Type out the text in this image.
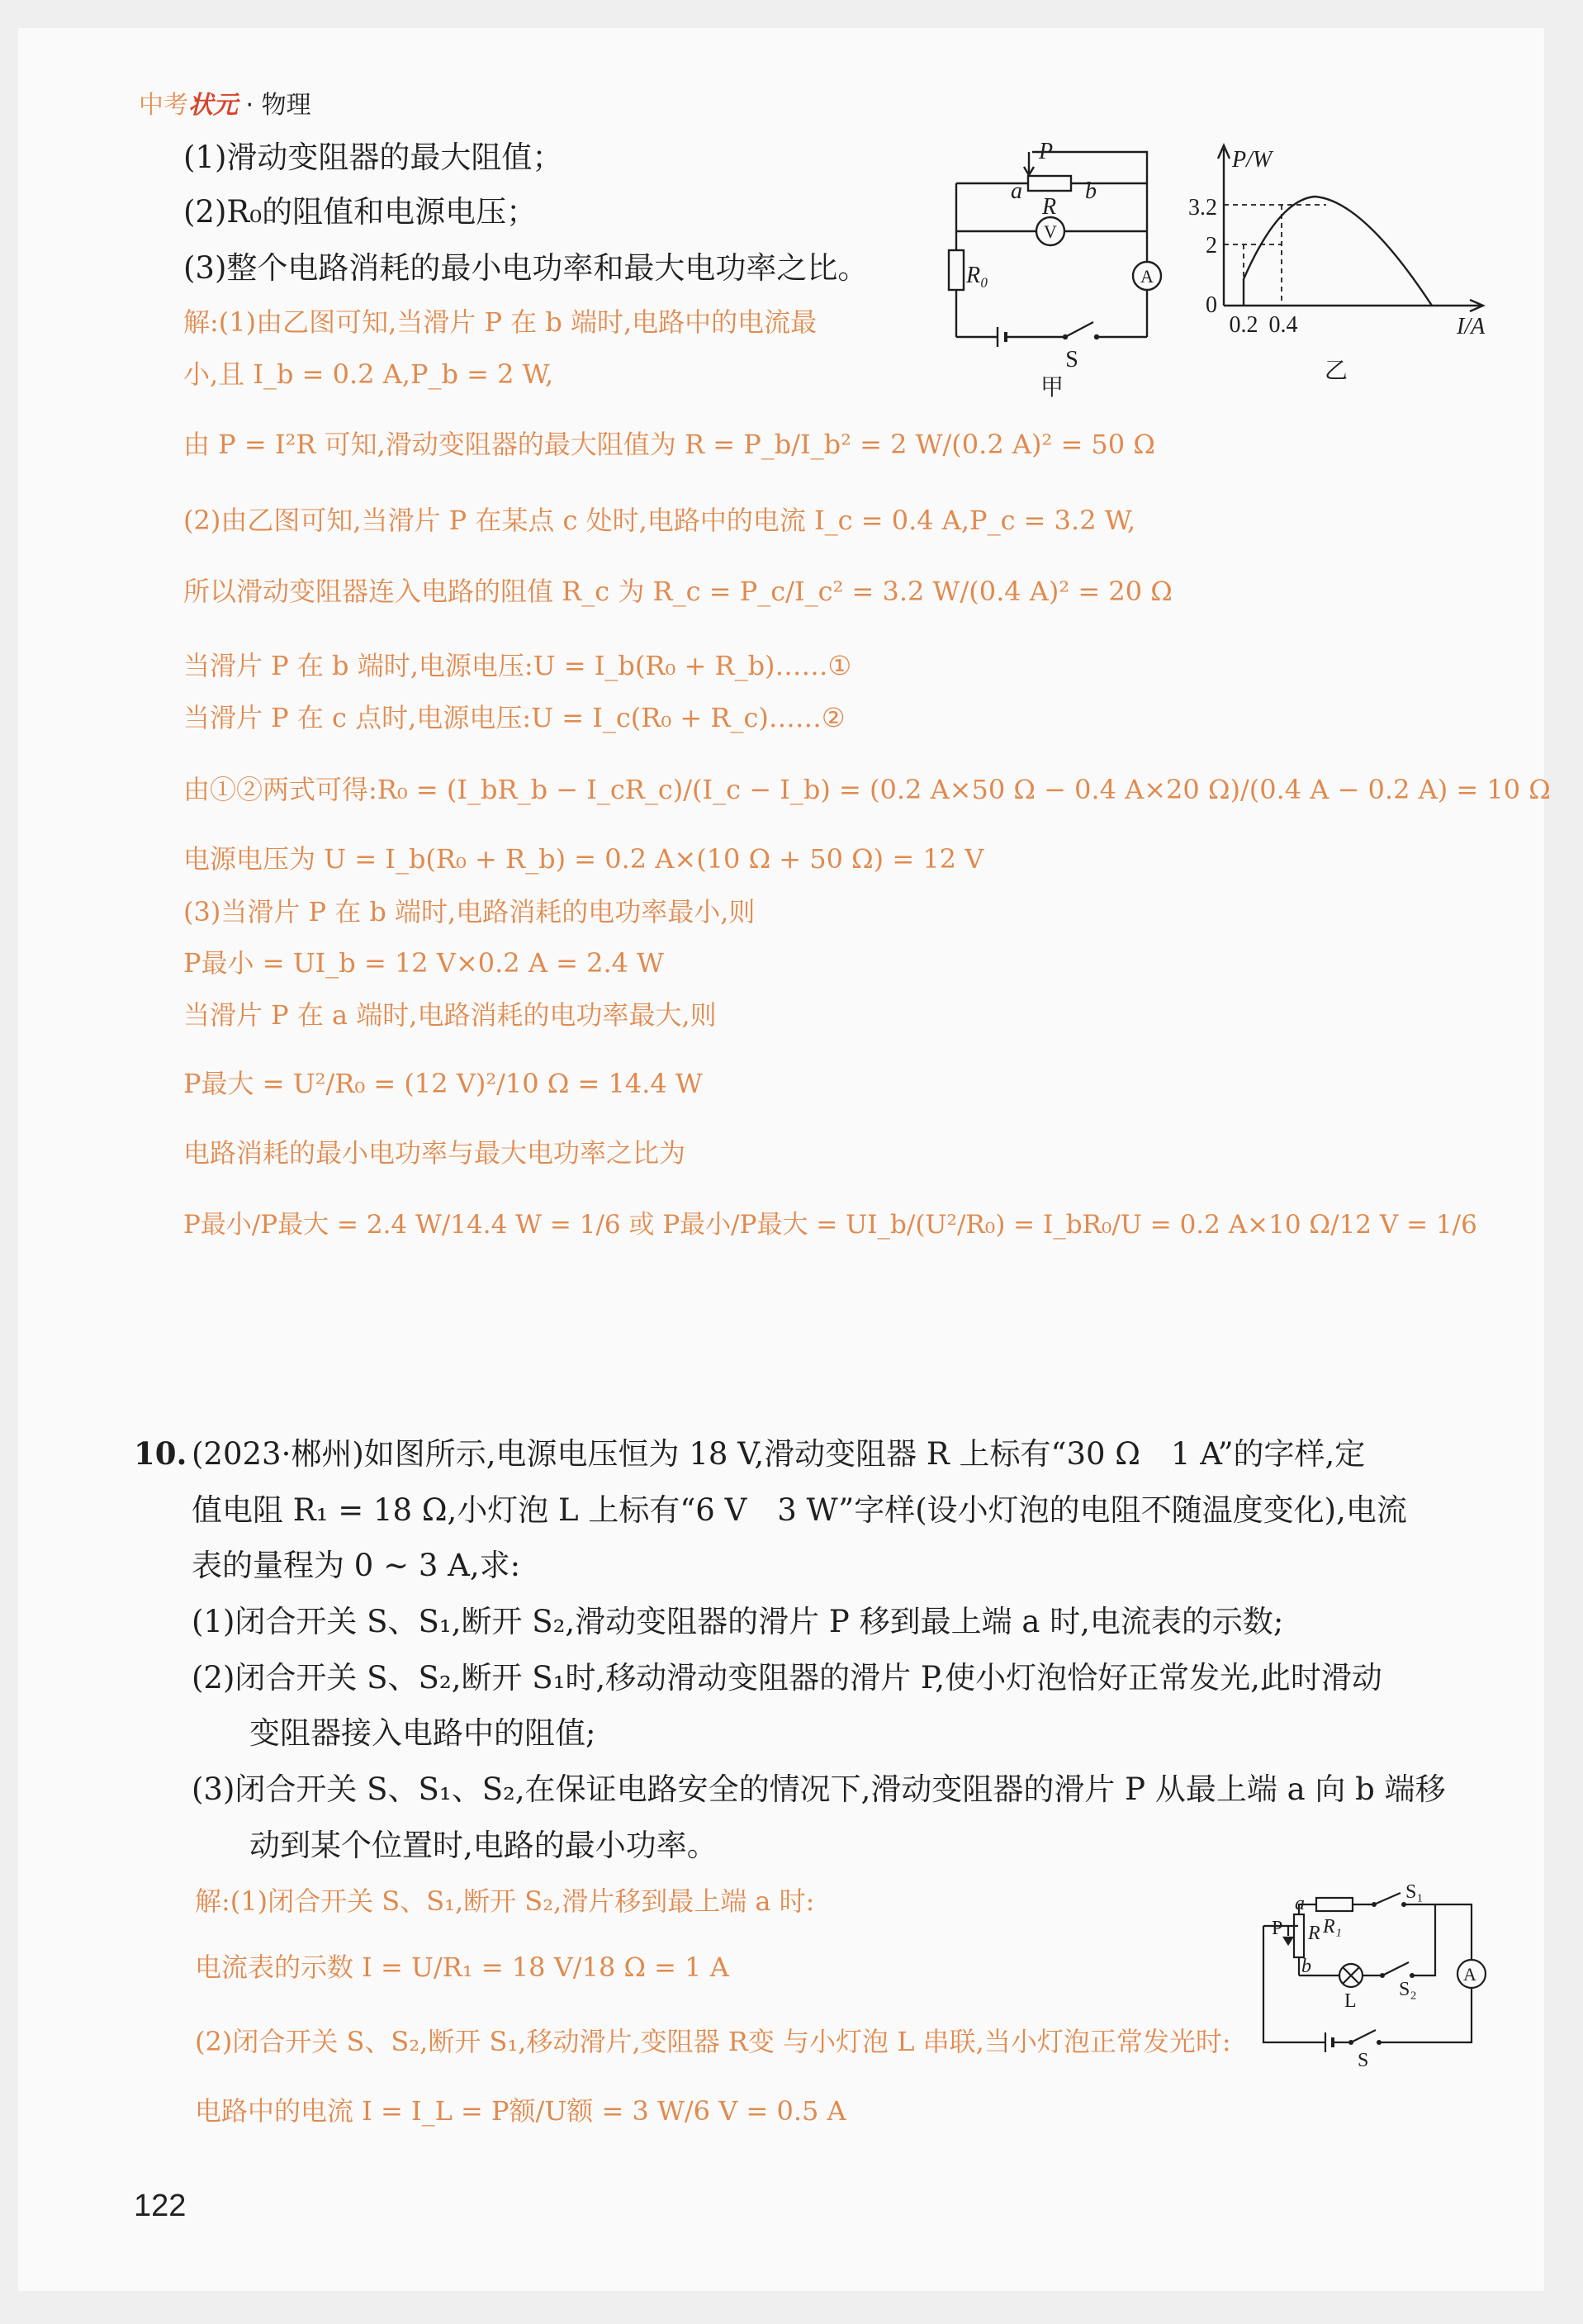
中考状元 · 物理
(1)滑动变阻器的最大阻值；
(2)R₀的阻值和电源电压；
(3)整个电路消耗的最小电功率和最大电功率之比。
解:(1)由乙图可知,当滑片 P 在 b 端时,电路中的电流最
小,且 I_b = 0.2 A,P_b = 2 W,
由 P = I²R 可知,滑动变阻器的最大阻值为 R = P_b/I_b² = 2 W/(0.2 A)² = 50 Ω
(2)由乙图可知,当滑片 P 在某点 c 处时,电路中的电流 I_c = 0.4 A,P_c = 3.2 W,
所以滑动变阻器连入电路的阻值 R_c 为 R_c = P_c/I_c² = 3.2 W/(0.4 A)² = 20 Ω
当滑片 P 在 b 端时,电源电压:U = I_b(R₀ + R_b)……①
当滑片 P 在 c 点时,电源电压:U = I_c(R₀ + R_c)……②
由①②两式可得:R₀ = (I_bR_b − I_cR_c)/(I_c − I_b) = (0.2 A×50 Ω − 0.4 A×20 Ω)/(0.4 A − 0.2 A) = 10 Ω
电源电压为 U = I_b(R₀ + R_b) = 0.2 A×(10 Ω + 50 Ω) = 12 V
(3)当滑片 P 在 b 端时,电路消耗的电功率最小,则
P最小 = UI_b = 12 V×0.2 A = 2.4 W
当滑片 P 在 a 端时,电路消耗的电功率最大,则
P最大 = U²/R₀ = (12 V)²/10 Ω = 14.4 W
电路消耗的最小电功率与最大电功率之比为
P最小/P最大 = 2.4 W/14.4 W = 1/6 或 P最小/P最大 = UI_b/(U²/R₀) = I_bR₀/U = 0.2 A×10 Ω/12 V = 1/6
P
a
R
b
R₀
V
A
S
甲
P/W
I/A
3.2
2
0
0.2 0.4
乙
10. (2023·郴州)如图所示,电源电压恒为 18 V,滑动变阻器 R 上标有“30 Ω　1 A”的字样,定
值电阻 R₁ = 18 Ω,小灯泡 L 上标有“6 V　3 W”字样(设小灯泡的电阻不随温度变化),电流
表的量程为 0 ~ 3 A,求:
(1)闭合开关 S、S₁,断开 S₂,滑动变阻器的滑片 P 移到最上端 a 时,电流表的示数;
(2)闭合开关 S、S₂,断开 S₁时,移动滑动变阻器的滑片 P,使小灯泡恰好正常发光,此时滑动
变阻器接入电路中的阻值;
(3)闭合开关 S、S₁、S₂,在保证电路安全的情况下,滑动变阻器的滑片 P 从最上端 a 向 b 端移
动到某个位置时,电路的最小功率。
解:(1)闭合开关 S、S₁,断开 S₂,滑片移到最上端 a 时:
电流表的示数 I = U/R₁ = 18 V/18 Ω = 1 A
(2)闭合开关 S、S₂,断开 S₁,移动滑片,变阻器 R变 与小灯泡 L 串联,当小灯泡正常发光时:
电路中的电流 I = I_L = P额/U额 = 3 W/6 V = 0.5 A
P
a
R
b
R₁
S₁
S₂
L
A
S
122
